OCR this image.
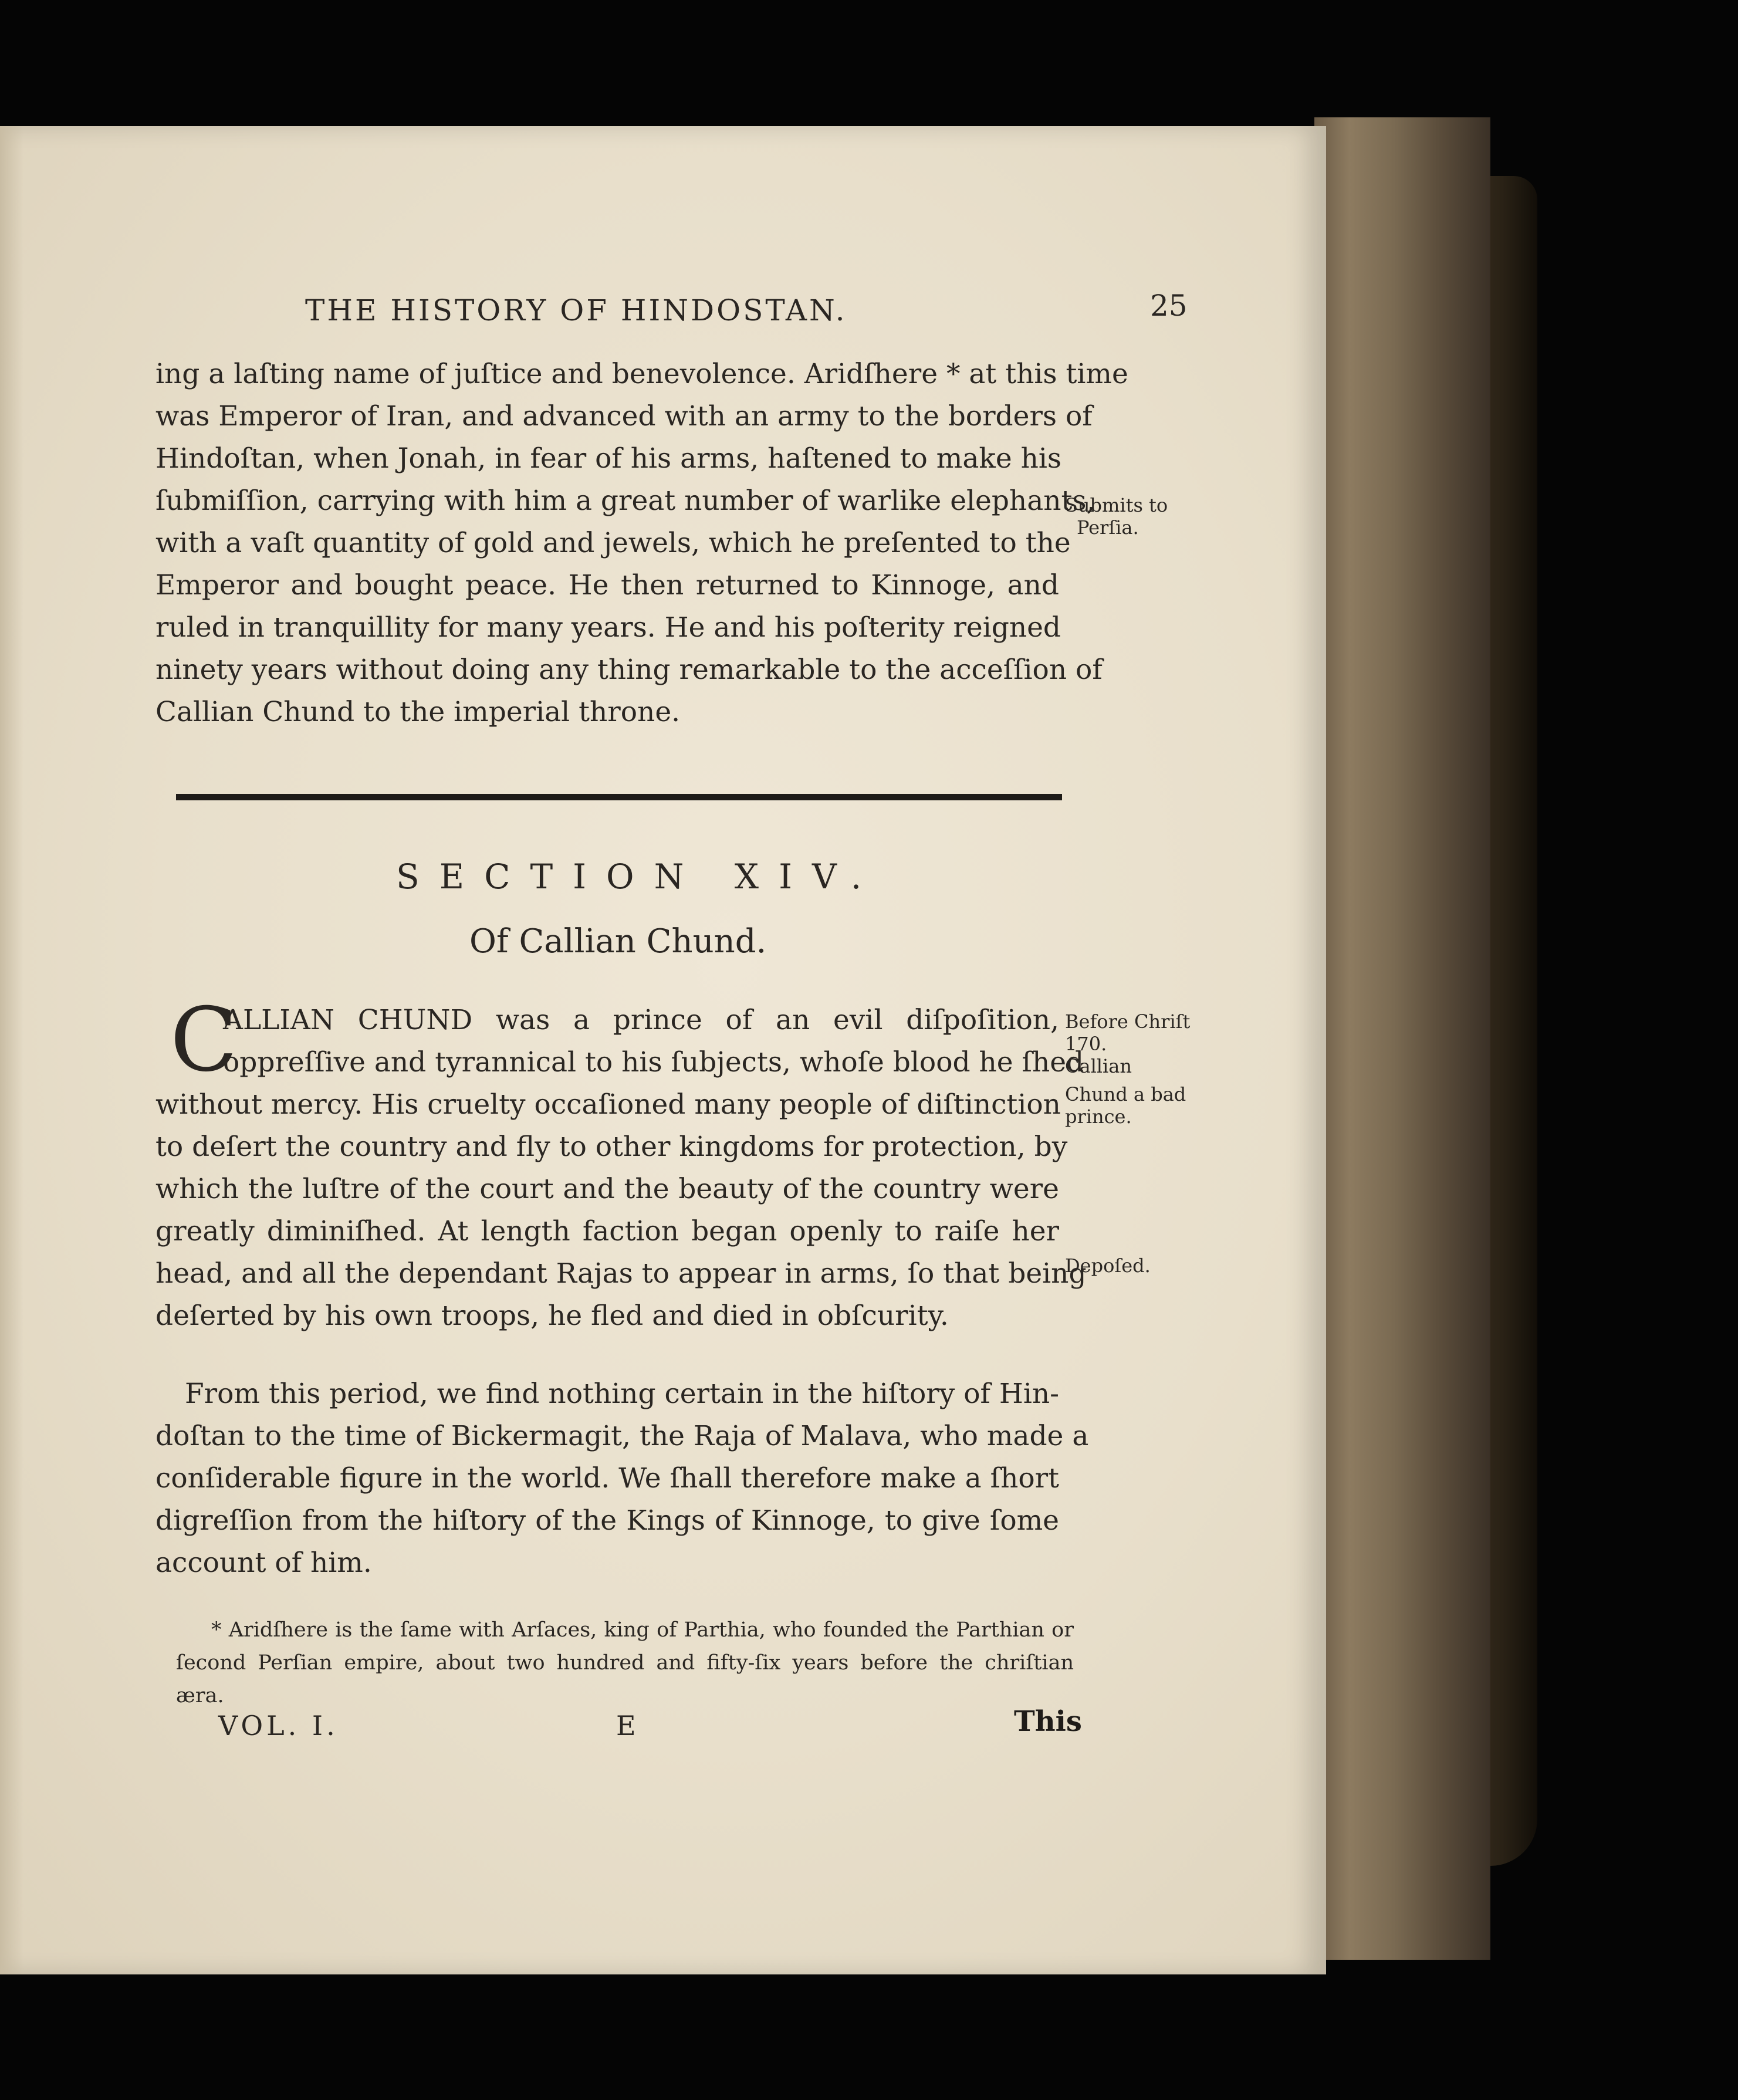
THE HISTORY OF HINDOSTAN.	25
ing a laſting name of juſtice and benevolence. Aridſhere * at this time
was Emperor of Iran, and advanced with an army to the borders of
Hindoſtan, when Jonah, in fear of his arms, haſtened to make his
ſubmiſſion, carrying with him a great number of warlike elephants,
with a vaſt quantity of gold and jewels, which he preſented to the
Emperor and bought peace. He then returned to Kinnoge, and
ruled in tranquillity for many years. He and his poſterity reigned
ninety years without doing any thing remarkable to the acceſſion of
Callian Chund to the imperial throne.
Submits to
Perſia.
SECTION XIV.
Of Callian Chund.
C
ALLIAN CHUND was a prince of an evil diſpoſition,
oppreſſive and tyrannical to his ſubjects, whoſe blood he ſhed
without mercy. His cruelty occaſioned many people of diſtinction
to deſert the country and fly to other kingdoms for protection, by
which the luſtre of the court and the beauty of the country were
greatly diminiſhed. At length faction began openly to raiſe her
head, and all the dependant Rajas to appear in arms, ſo that being
deſerted by his own troops, he fled and died in obſcurity.
Before Chriſt
170.
Callian
Chund a bad
prince.
Depoſed.
From this period, we find nothing certain in the hiſtory of Hin-
doſtan to the time of Bickermagit, the Raja of Malava, who made a
conſiderable figure in the world. We ſhall therefore make a ſhort
digreſſion from the hiſtory of the Kings of Kinnoge, to give ſome
account of him.
* Aridſhere is the ſame with Arſaces, king of Parthia, who founded the Parthian or
ſecond Perſian empire, about two hundred and fifty-ſix years before the chriſtian
æra.
VOL. I.	E	This
